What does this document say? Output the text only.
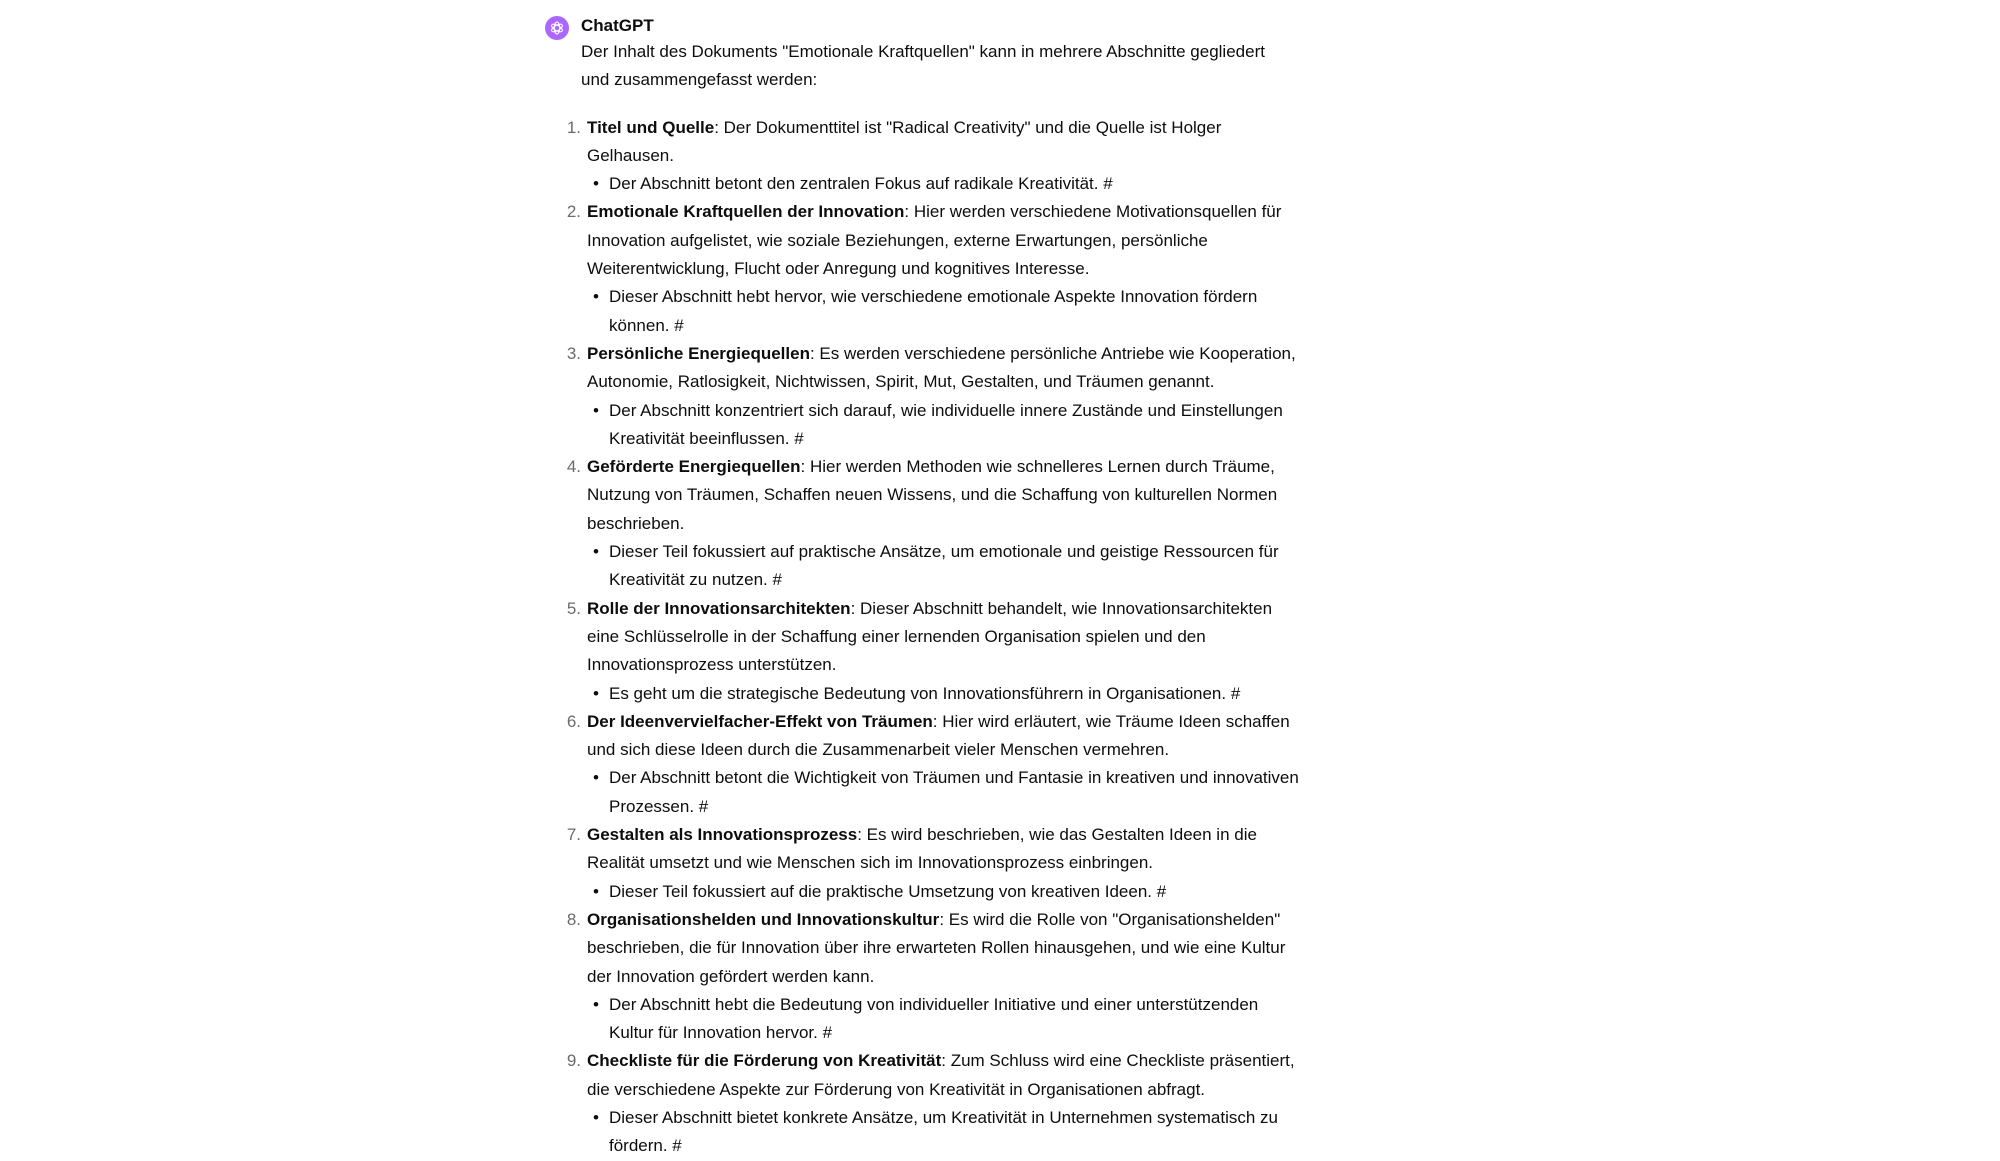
ChatGPT

Der Inhalt des Dokuments "Emotionale Kraftquellen" kann in mehrere Abschnitte gegliedert und zusammengefasst werden:

1. Titel und Quelle: Der Dokumenttitel ist "Radical Creativity" und die Quelle ist Holger Gelhausen.
• Der Abschnitt betont den zentralen Fokus auf radikale Kreativität. #
2. Emotionale Kraftquellen der Innovation: Hier werden verschiedene Motivationsquellen für Innovation aufgelistet, wie soziale Beziehungen, externe Erwartungen, persönliche Weiterentwicklung, Flucht oder Anregung und kognitives Interesse.
• Dieser Abschnitt hebt hervor, wie verschiedene emotionale Aspekte Innovation fördern können. #
3. Persönliche Energiequellen: Es werden verschiedene persönliche Antriebe wie Kooperation, Autonomie, Ratlosigkeit, Nichtwissen, Spirit, Mut, Gestalten, und Träumen genannt.
• Der Abschnitt konzentriert sich darauf, wie individuelle innere Zustände und Einstellungen Kreativität beeinflussen. #
4. Geförderte Energiequellen: Hier werden Methoden wie schnelleres Lernen durch Träume, Nutzung von Träumen, Schaffen neuen Wissens, und die Schaffung von kulturellen Normen beschrieben.
• Dieser Teil fokussiert auf praktische Ansätze, um emotionale und geistige Ressourcen für Kreativität zu nutzen. #
5. Rolle der Innovationsarchitekten: Dieser Abschnitt behandelt, wie Innovationsarchitekten eine Schlüsselrolle in der Schaffung einer lernenden Organisation spielen und den Innovationsprozess unterstützen.
• Es geht um die strategische Bedeutung von Innovationsführern in Organisationen. #
6. Der Ideenvervielfacher-Effekt von Träumen: Hier wird erläutert, wie Träume Ideen schaffen und sich diese Ideen durch die Zusammenarbeit vieler Menschen vermehren.
• Der Abschnitt betont die Wichtigkeit von Träumen und Fantasie in kreativen und innovativen Prozessen. #
7. Gestalten als Innovationsprozess: Es wird beschrieben, wie das Gestalten Ideen in die Realität umsetzt und wie Menschen sich im Innovationsprozess einbringen.
• Dieser Teil fokussiert auf die praktische Umsetzung von kreativen Ideen. #
8. Organisationshelden und Innovationskultur: Es wird die Rolle von "Organisationshelden" beschrieben, die für Innovation über ihre erwarteten Rollen hinausgehen, und wie eine Kultur der Innovation gefördert werden kann.
• Der Abschnitt hebt die Bedeutung von individueller Initiative und einer unterstützenden Kultur für Innovation hervor. #
9. Checkliste für die Förderung von Kreativität: Zum Schluss wird eine Checkliste präsentiert, die verschiedene Aspekte zur Förderung von Kreativität in Organisationen abfragt.
• Dieser Abschnitt bietet konkrete Ansätze, um Kreativität in Unternehmen systematisch zu fördern. #
